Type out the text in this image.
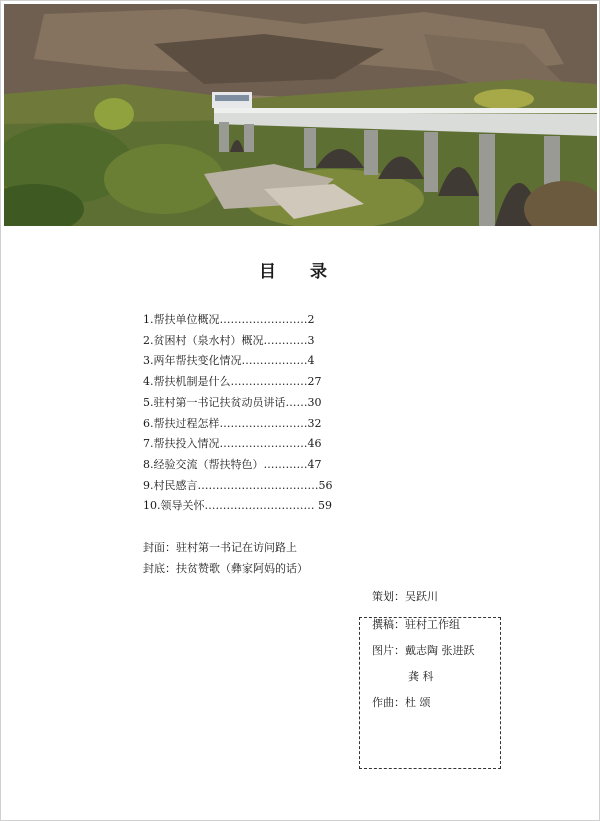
目 录
1.帮扶单位概况……………………2
2.贫困村（泉水村）概况…………3
3.两年帮扶变化情况………………4
4.帮扶机制是什么…………………27
5.驻村第一书记扶贫动员讲话……30
6.帮扶过程怎样……………………32
7.帮扶投入情况……………………46
8.经验交流（帮扶特色）…………47
9.村民感言……………………………56
10.领导关怀………………………… 59
封面：驻村第一书记在访问路上
封底：扶贫赞歌（彝家阿妈的话）
策划：吴跃川
撰稿：驻村工作组
图片：戴志陶 张进跃
龚 科
作曲：杜 颂
